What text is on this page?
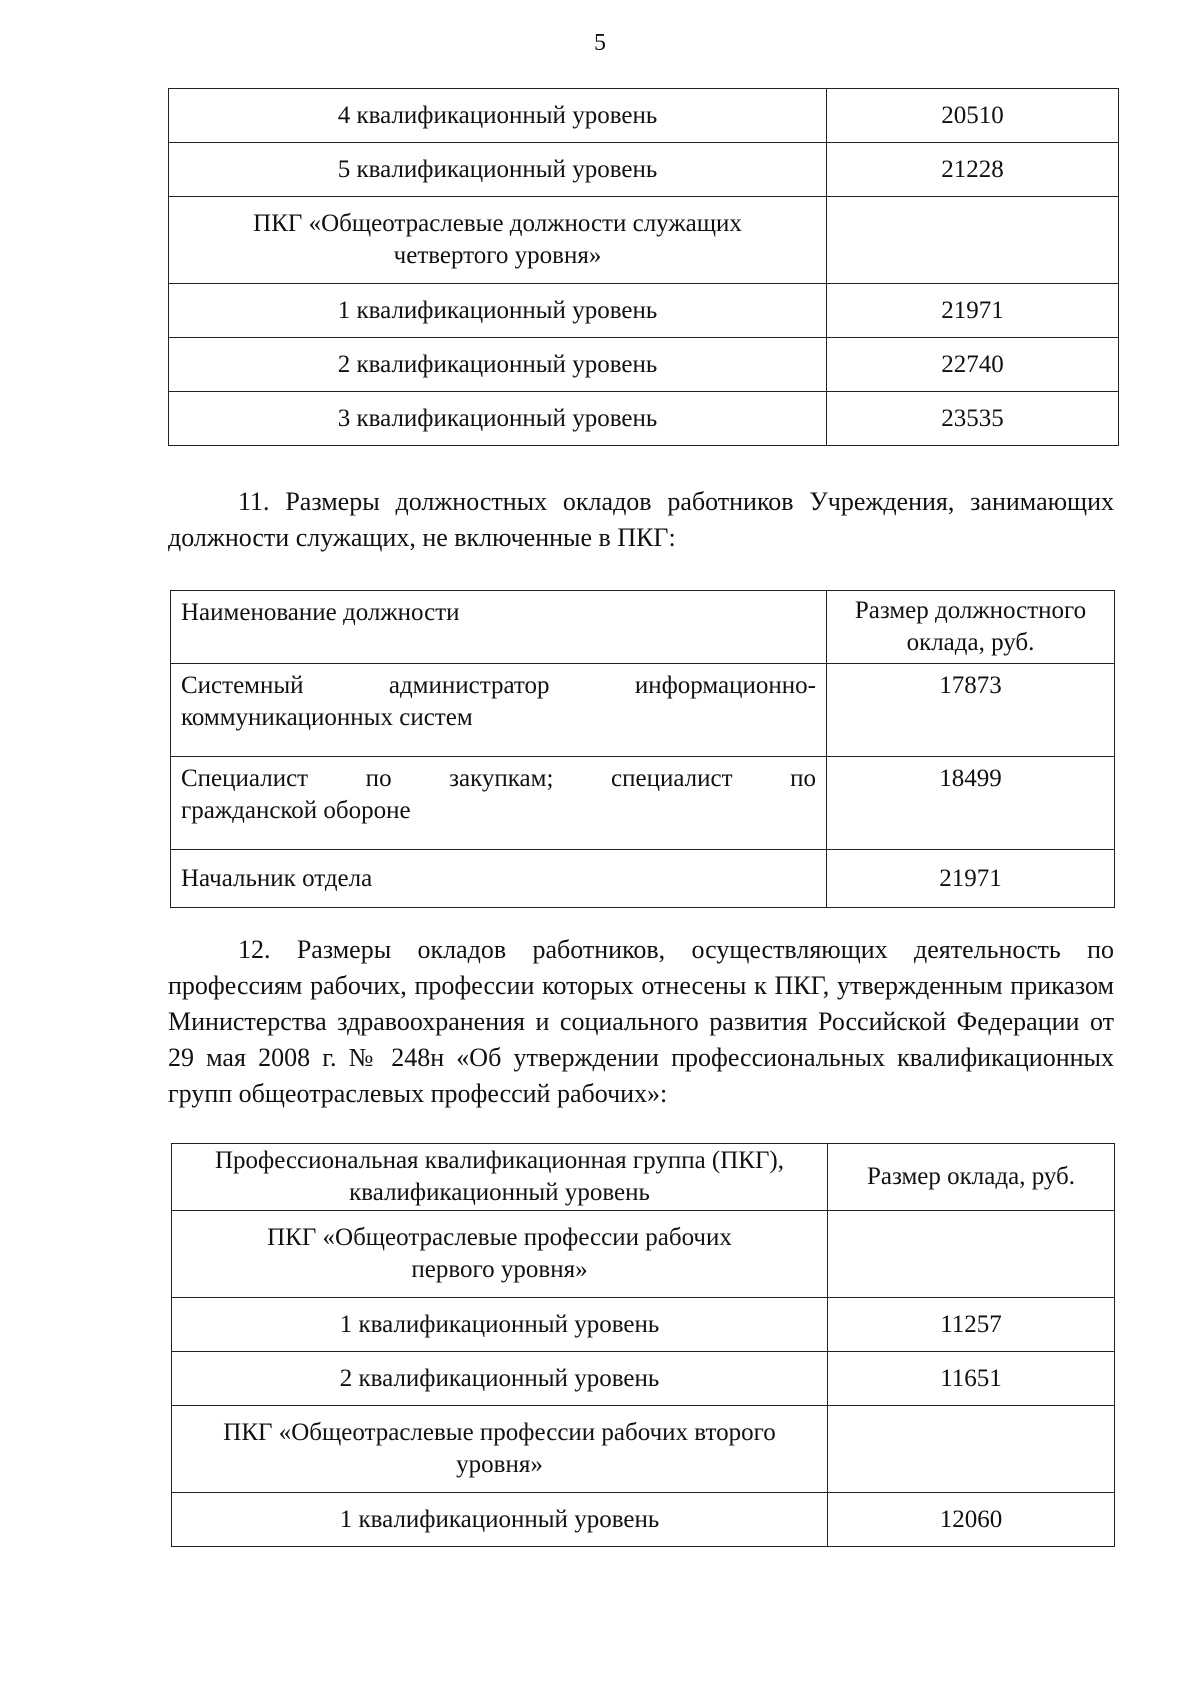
5
4 квалификационный уровень	20510
5 квалификационный уровень	21228
ПКГ «Общеотраслевые должности служащих четвертого уровня»	
1 квалификационный уровень	21971
2 квалификационный уровень	22740
3 квалификационный уровень	23535
11. Размеры должностных окладов работников Учреждения, занимающих должности служащих, не включенные в ПКГ:
Наименование должности	Размер должностного оклада, руб.

Системный администратор информационно-
коммуникационных систем	17873

Специалист по закупкам; специалист по
гражданской обороне	18499
Начальник отдела	21971
12. Размеры окладов работников, осуществляющих деятельность по профессиям рабочих, профессии которых отнесены к ПКГ, утвержденным приказом Министерства здравоохранения и социального развития Российской Федерации от 29 мая 2008 г. № 248н «Об утверждении профессиональных квалификационных групп общеотраслевых профессий рабочих»:
Профессиональная квалификационная группа (ПКГ), квалификационный уровень	Размер оклада, руб.
ПКГ «Общеотраслевые профессии рабочих первого уровня»	
1 квалификационный уровень	11257
2 квалификационный уровень	11651
ПКГ «Общеотраслевые профессии рабочих второго уровня»	
1 квалификационный уровень	12060
